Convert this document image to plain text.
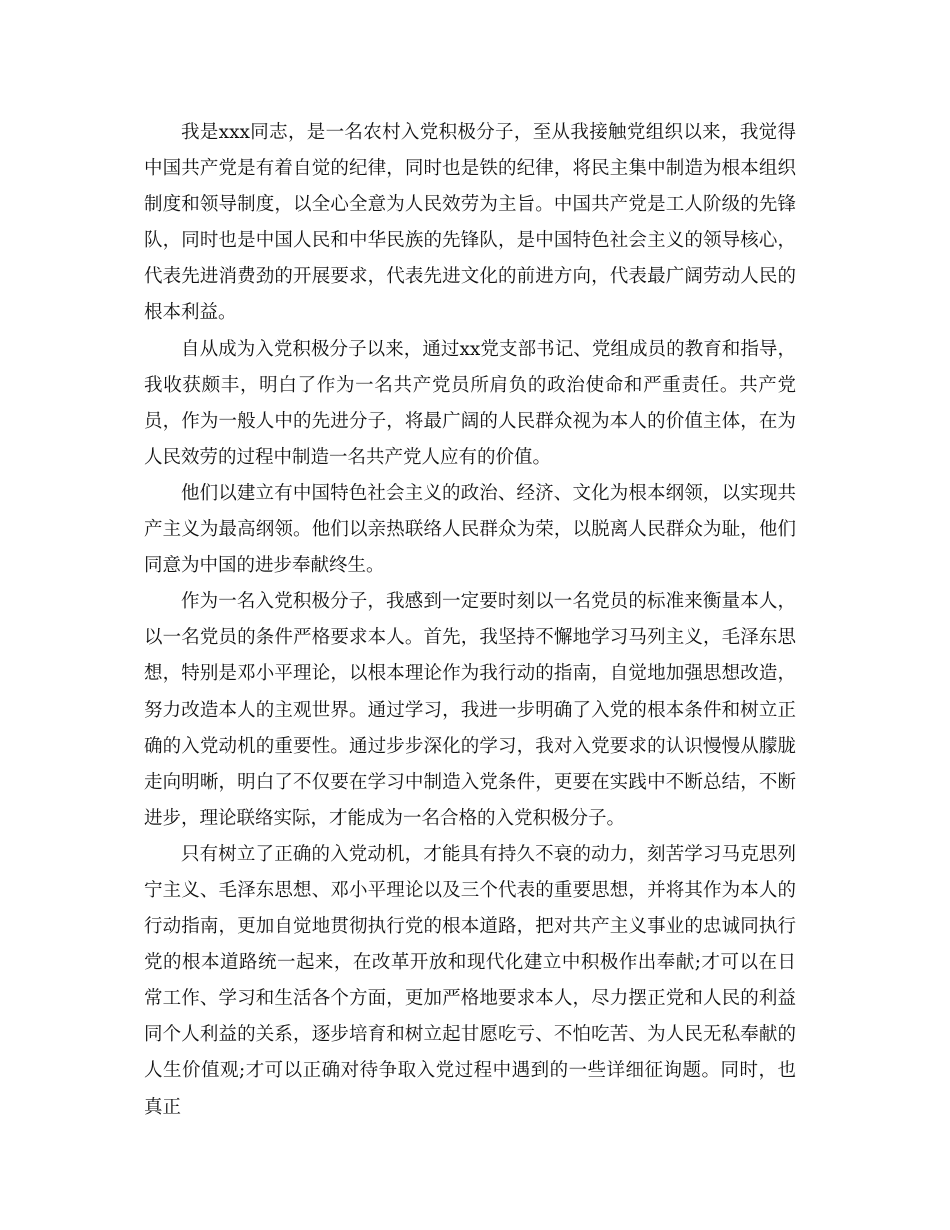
我是xxx同志，是一名农村入党积极分子，至从我接触党组织以来，我觉得中国共产党是有着自觉的纪律，同时也是铁的纪律，将民主集中制造为根本组织制度和领导制度，以全心全意为人民效劳为主旨。中国共产党是工人阶级的先锋队，同时也是中国人民和中华民族的先锋队，是中国特色社会主义的领导核心，代表先进消费劲的开展要求，代表先进文化的前进方向，代表最广阔劳动人民的根本利益。

自从成为入党积极分子以来，通过xx党支部书记、党组成员的教育和指导，我收获颇丰，明白了作为一名共产党员所肩负的政治使命和严重责任。共产党员，作为一般人中的先进分子，将最广阔的人民群众视为本人的价值主体，在为人民效劳的过程中制造一名共产党人应有的价值。

他们以建立有中国特色社会主义的政治、经济、文化为根本纲领，以实现共产主义为最高纲领。他们以亲热联络人民群众为荣，以脱离人民群众为耻，他们同意为中国的进步奉献终生。

作为一名入党积极分子，我感到一定要时刻以一名党员的标准来衡量本人，以一名党员的条件严格要求本人。首先，我坚持不懈地学习马列主义，毛泽东思想，特别是邓小平理论，以根本理论作为我行动的指南，自觉地加强思想改造，努力改造本人的主观世界。通过学习，我进一步明确了入党的根本条件和树立正确的入党动机的重要性。通过步步深化的学习，我对入党要求的认识慢慢从朦胧走向明晰，明白了不仅要在学习中制造入党条件，更要在实践中不断总结，不断进步，理论联络实际，才能成为一名合格的入党积极分子。

只有树立了正确的入党动机，才能具有持久不衰的动力，刻苦学习马克思列宁主义、毛泽东思想、邓小平理论以及三个代表的重要思想，并将其作为本人的行动指南，更加自觉地贯彻执行党的根本道路，把对共产主义事业的忠诚同执行党的根本道路统一起来，在改革开放和现代化建立中积极作出奉献;才可以在日常工作、学习和生活各个方面，更加严格地要求本人，尽力摆正党和人民的利益同个人利益的关系，逐步培育和树立起甘愿吃亏、不怕吃苦、为人民无私奉献的人生价值观;才可以正确对待争取入党过程中遇到的一些详细征询题。同时，也真正
